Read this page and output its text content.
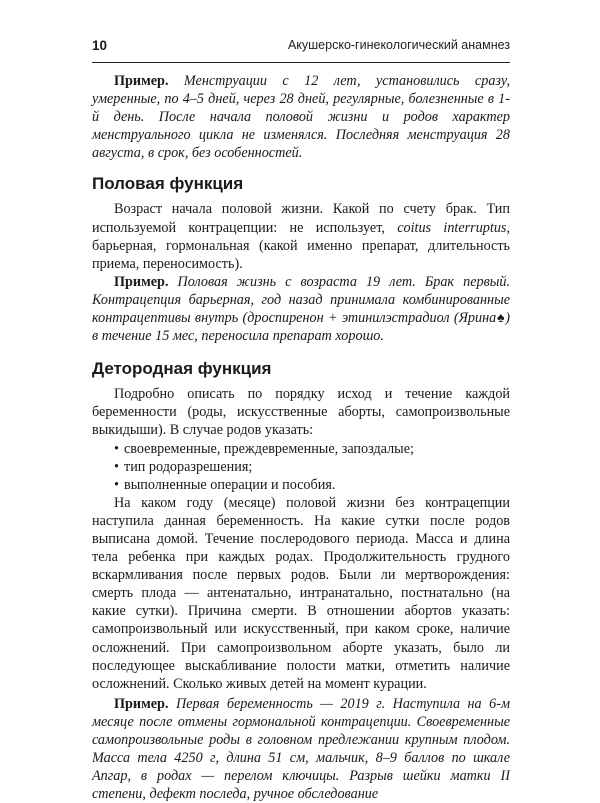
10	Акушерско-гинекологический анамнез

Пример. Менструации с 12 лет, установились сразу, умеренные, по 4–5 дней, через 28 дней, регулярные, болезненные в 1-й день. После начала половой жизни и родов характер менструального цикла не изменялся. Последняя менструация 28 августа, в срок, без особенностей.

Половая функция

Возраст начала половой жизни. Какой по счету брак. Тип используемой контрацепции: не использует, coitus interruptus, барьерная, гормональная (какой именно препарат, длительность приема, переносимость).

Пример. Половая жизнь с возраста 19 лет. Брак первый. Контрацепция барьерная, год назад принимала комбинированные контрацептивы внутрь (дроспиренон + этинилэстрадиол (Ярина♠) в течение 15 мес, переносила препарат хорошо.

Детородная функция

Подробно описать по порядку исход и течение каждой беременности (роды, искусственные аборты, самопроизвольные выкидыши). В случае родов указать:

• своевременные, преждевременные, запоздалые;
• тип родоразрешения;
• выполненные операции и пособия.

На каком году (месяце) половой жизни без контрацепции наступила данная беременность. На какие сутки после родов выписана домой. Течение послеродового периода. Масса и длина тела ребенка при каждых родах. Продолжительность грудного вскармливания после первых родов. Были ли мертворождения: смерть плода — антенатально, интранатально, постнатально (на какие сутки). Причина смерти. В отношении абортов указать: самопроизвольный или искусственный, при каком сроке, наличие осложнений. При самопроизвольном аборте указать, было ли последующее выскабливание полости матки, отметить наличие осложнений. Сколько живых детей на момент курации.

Пример. Первая беременность — 2019 г. Наступила на 6-м месяце после отмены гормональной контрацепции. Своевременные самопроизвольные роды в головном предлежании крупным плодом. Масса тела 4250 г, длина 51 см, мальчик, 8–9 баллов по шкале Апгар, в родах — перелом ключицы. Разрыв шейки матки II степени, дефект последа, ручное обследование
